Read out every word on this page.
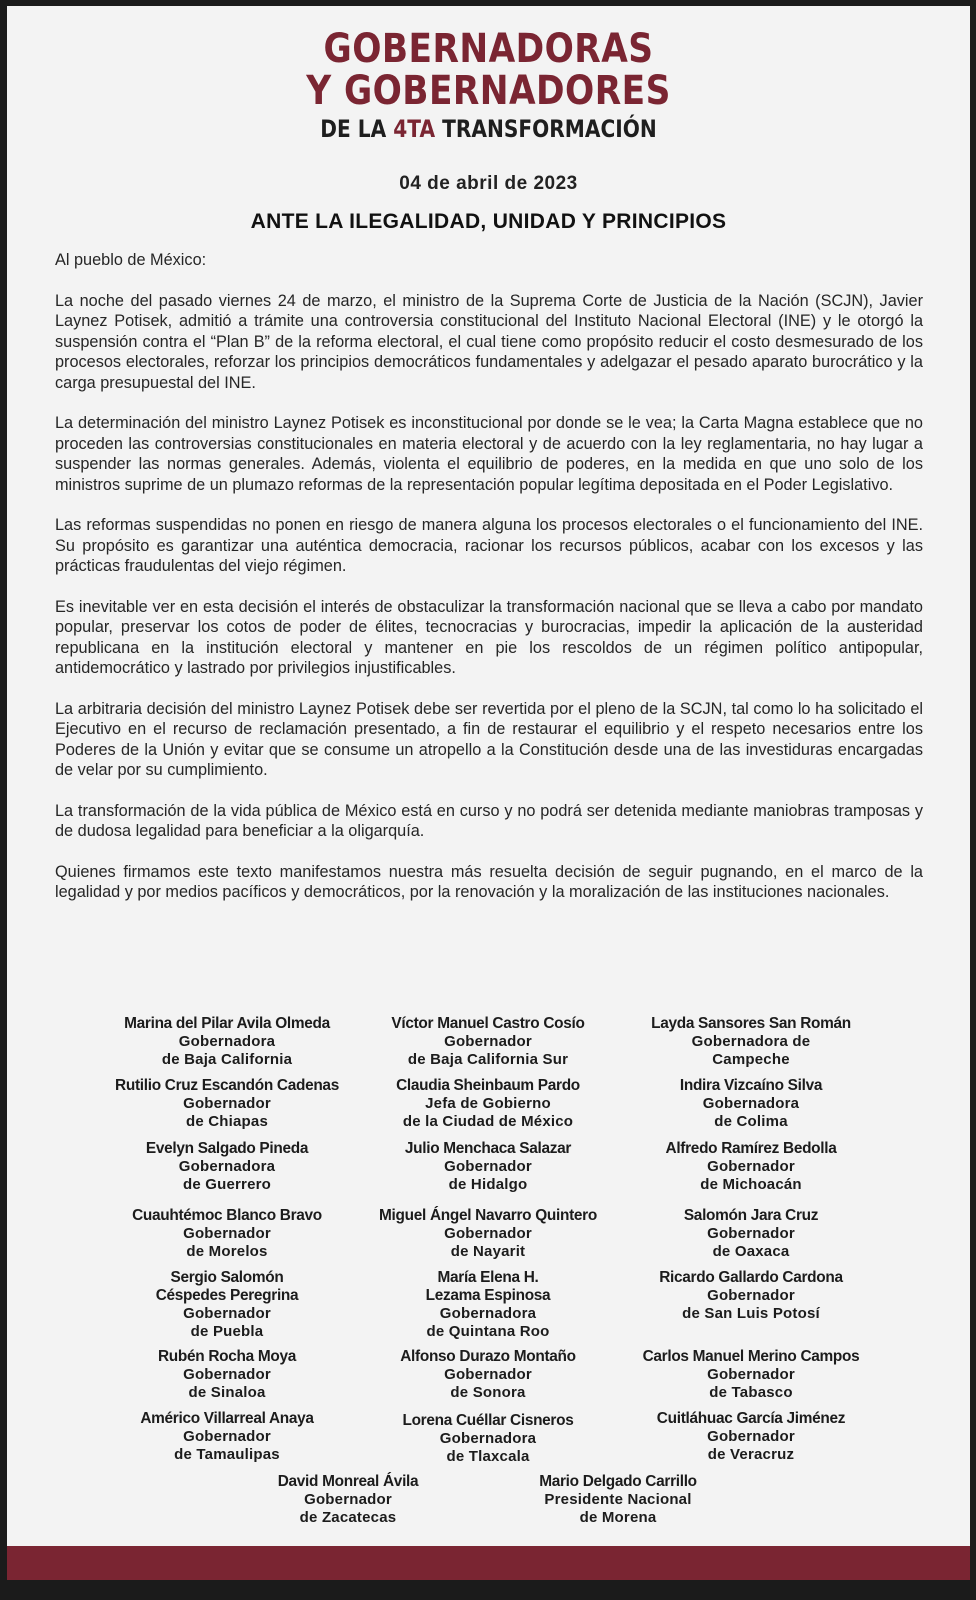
GOBERNADORAS
Y GOBERNADORES
DE LA 4TA TRANSFORMACIÓN
04 de abril de 2023
ANTE LA ILEGALIDAD, UNIDAD Y PRINCIPIOS

Al pueblo de México:

La noche del pasado viernes 24 de marzo, el ministro de la Suprema Corte de Justicia de la Nación (SCJN), Javier Laynez Potisek, admitió a trámite una controversia constitucional del Instituto Nacional Electoral (INE) y le otorgó la suspensión contra el “Plan B” de la reforma electoral, el cual tiene como propósito reducir el costo desmesurado de los procesos electorales, reforzar los principios democráticos fundamentales y adelgazar el pesado aparato burocrático y la carga presupuestal del INE.

La determinación del ministro Laynez Potisek es inconstitucional por donde se le vea; la Carta Magna establece que no proceden las controversias constitucionales en materia electoral y de acuerdo con la ley reglamentaria, no hay lugar a suspender las normas generales. Además, violenta el equilibrio de poderes, en la medida en que uno solo de los ministros suprime de un plumazo reformas de la representación popular legítima depositada en el Poder Legislativo.

Las reformas suspendidas no ponen en riesgo de manera alguna los procesos electorales o el funcionamiento del INE. Su propósito es garantizar una auténtica democracia, racionar los recursos públicos, acabar con los excesos y las prácticas fraudulentas del viejo régimen.

Es inevitable ver en esta decisión el interés de obstaculizar la transformación nacional que se lleva a cabo por mandato popular, preservar los cotos de poder de élites, tecnocracias y burocracias, impedir la aplicación de la austeridad republicana en la institución electoral y mantener en pie los rescoldos de un régimen político antipopular, antidemocrático y lastrado por privilegios injustificables.

La arbitraria decisión del ministro Laynez Potisek debe ser revertida por el pleno de la SCJN, tal como lo ha solicitado el Ejecutivo en el recurso de reclamación presentado, a fin de restaurar el equilibrio y el respeto necesarios entre los Poderes de la Unión y evitar que se consume un atropello a la Constitución desde una de las investiduras encargadas de velar por su cumplimiento.

La transformación de la vida pública de México está en curso y no podrá ser detenida mediante maniobras tramposas y de dudosa legalidad para beneficiar a la oligarquía.

Quienes firmamos este texto manifestamos nuestra más resuelta decisión de seguir pugnando, en el marco de la legalidad y por medios pacíficos y democráticos, por la renovación y la moralización de las instituciones nacionales.

Marina del Pilar Avila Olmeda
Gobernadora
de Baja California
Víctor Manuel Castro Cosío
Gobernador
de Baja California Sur
Layda Sansores San Román
Gobernadora de
Campeche
Rutilio Cruz Escandón Cadenas
Gobernador
de Chiapas
Claudia Sheinbaum Pardo
Jefa de Gobierno
de la Ciudad de México
Indira Vizcaíno Silva
Gobernadora
de Colima
Evelyn Salgado Pineda
Gobernadora
de Guerrero
Julio Menchaca Salazar
Gobernador
de Hidalgo
Alfredo Ramírez Bedolla
Gobernador
de Michoacán
Cuauhtémoc Blanco Bravo
Gobernador
de Morelos
Miguel Ángel Navarro Quintero
Gobernador
de Nayarit
Salomón Jara Cruz
Gobernador
de Oaxaca
Sergio Salomón
Céspedes Peregrina
Gobernador
de Puebla
María Elena H.
Lezama Espinosa
Gobernadora
de Quintana Roo
Ricardo Gallardo Cardona
Gobernador
de San Luis Potosí
Rubén Rocha Moya
Gobernador
de Sinaloa
Alfonso Durazo Montaño
Gobernador
de Sonora
Carlos Manuel Merino Campos
Gobernador
de Tabasco
Américo Villarreal Anaya
Gobernador
de Tamaulipas
Lorena Cuéllar Cisneros
Gobernadora
de Tlaxcala
Cuitláhuac García Jiménez
Gobernador
de Veracruz
David Monreal Ávila
Gobernador
de Zacatecas
Mario Delgado Carrillo
Presidente Nacional
de Morena
